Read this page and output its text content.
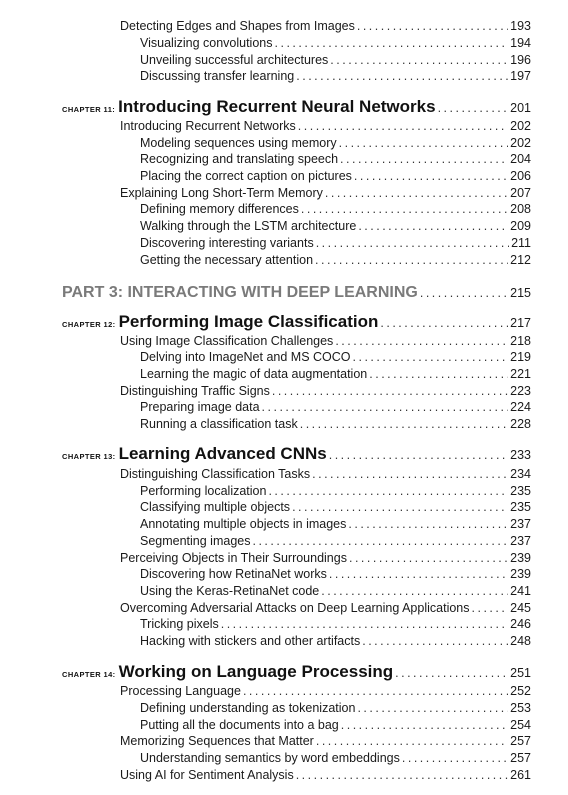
Detecting Edges and Shapes from Images .....	193
Visualizing convolutions .....	194
Unveiling successful architectures .....	196
Discussing transfer learning .....	197
CHAPTER 11: Introducing Recurrent Neural Networks .....	201
Introducing Recurrent Networks .....	202
Modeling sequences using memory .....	202
Recognizing and translating speech .....	204
Placing the correct caption on pictures .....	206
Explaining Long Short-Term Memory .....	207
Defining memory differences .....	208
Walking through the LSTM architecture .....	209
Discovering interesting variants .....	211
Getting the necessary attention .....	212
PART 3: INTERACTING WITH DEEP LEARNING .....	215
CHAPTER 12: Performing Image Classification .....	217
Using Image Classification Challenges .....	218
Delving into ImageNet and MS COCO .....	219
Learning the magic of data augmentation .....	221
Distinguishing Traffic Signs .....	223
Preparing image data .....	224
Running a classification task .....	228
CHAPTER 13: Learning Advanced CNNs .....	233
Distinguishing Classification Tasks .....	234
Performing localization .....	235
Classifying multiple objects .....	235
Annotating multiple objects in images .....	237
Segmenting images .....	237
Perceiving Objects in Their Surroundings .....	239
Discovering how RetinaNet works .....	239
Using the Keras-RetinaNet code .....	241
Overcoming Adversarial Attacks on Deep Learning Applications .....	245
Tricking pixels .....	246
Hacking with stickers and other artifacts .....	248
CHAPTER 14: Working on Language Processing .....	251
Processing Language .....	252
Defining understanding as tokenization .....	253
Putting all the documents into a bag .....	254
Memorizing Sequences that Matter .....	257
Understanding semantics by word embeddings .....	257
Using AI for Sentiment Analysis .....	261
